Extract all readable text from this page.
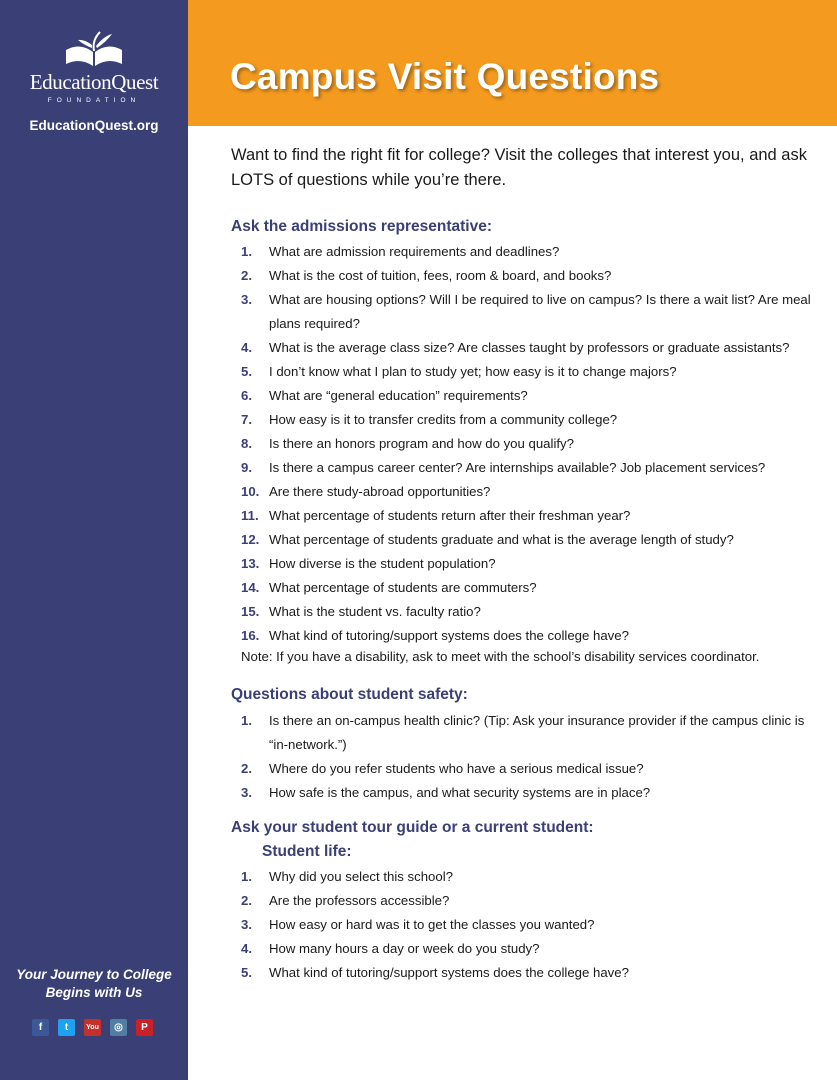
EducationQuest
FOUNDATION
EducationQuest.org
Your Journey to College
Begins with Us
f	t	You	◎	P
Campus Visit Questions

Want to find the right fit for college? Visit the colleges that interest you, and ask LOTS of questions while you’re there.

Ask the admissions representative:
1.	What are admission requirements and deadlines?
2.	What is the cost of tuition, fees, room & board, and books?
3.	What are housing options? Will I be required to live on campus? Is there a wait list? Are meal plans required?
4.	What is the average class size? Are classes taught by professors or graduate assistants?
5.	I don’t know what I plan to study yet; how easy is it to change majors?
6.	What are “general education” requirements?
7.	How easy is it to transfer credits from a community college?
8.	Is there an honors program and how do you qualify?
9.	Is there a campus career center? Are internships available? Job placement services?
10. Are there study-abroad opportunities?
11. What percentage of students return after their freshman year?
12. What percentage of students graduate and what is the average length of study?
13. How diverse is the student population?
14. What percentage of students are commuters?
15. What is the student vs. faculty ratio?
16. What kind of tutoring/support systems does the college have?

Note: If you have a disability, ask to meet with the school’s disability services coordinator.

Questions about student safety:
1.	Is there an on-campus health clinic? (Tip: Ask your insurance provider if the campus clinic is “in-network.”)
2.	Where do you refer students who have a serious medical issue?
3.	How safe is the campus, and what security systems are in place?
Ask your student tour guide or a current student:
Student life:
1.	Why did you select this school?
2.	Are the professors accessible?
3.	How easy or hard was it to get the classes you wanted?
4.	How many hours a day or week do you study?
5.	What kind of tutoring/support systems does the college have?
